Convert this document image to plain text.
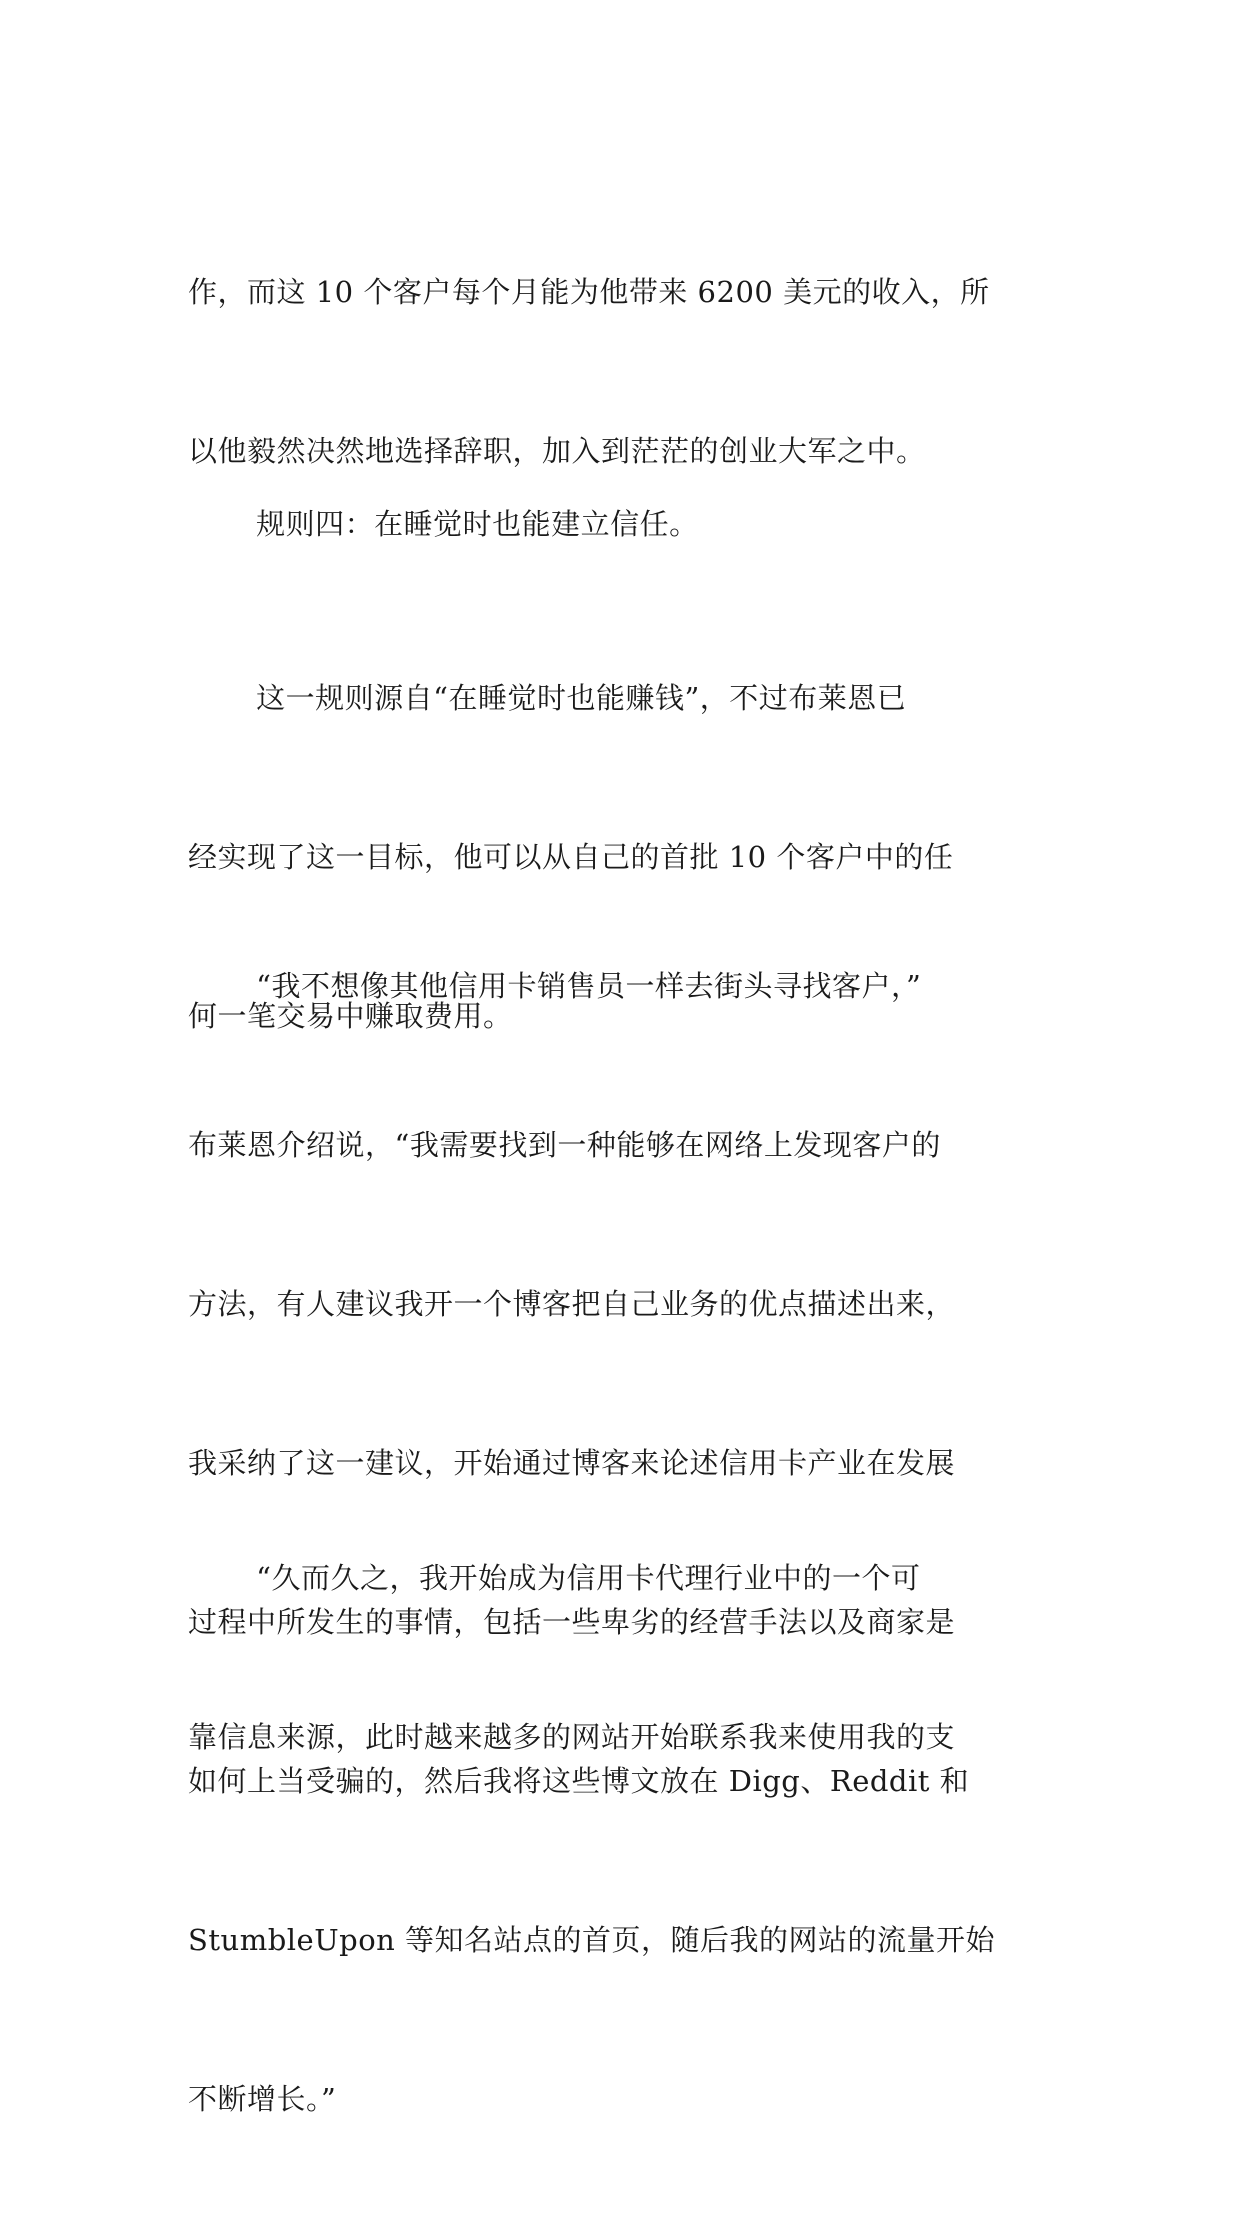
作，而这 10 个客户每个月能为他带来 6200 美元的收入，所

以他毅然决然地选择辞职，加入到茫茫的创业大军之中。

规则四：在睡觉时也能建立信任。

这一规则源自“在睡觉时也能赚钱”，不过布莱恩已

经实现了这一目标，他可以从自己的首批 10 个客户中的任

何一笔交易中赚取费用。

“我不想像其他信用卡销售员一样去街头寻找客户，”

布莱恩介绍说，“我需要找到一种能够在网络上发现客户的

方法，有人建议我开一个博客把自己业务的优点描述出来，

我采纳了这一建议，开始通过博客来论述信用卡产业在发展

过程中所发生的事情，包括一些卑劣的经营手法以及商家是

如何上当受骗的，然后我将这些博文放在 Digg、Reddit 和

StumbleUpon 等知名站点的首页，随后我的网站的流量开始

不断增长。”

“久而久之，我开始成为信用卡代理行业中的一个可

靠信息来源，此时越来越多的网站开始联系我来使用我的支
